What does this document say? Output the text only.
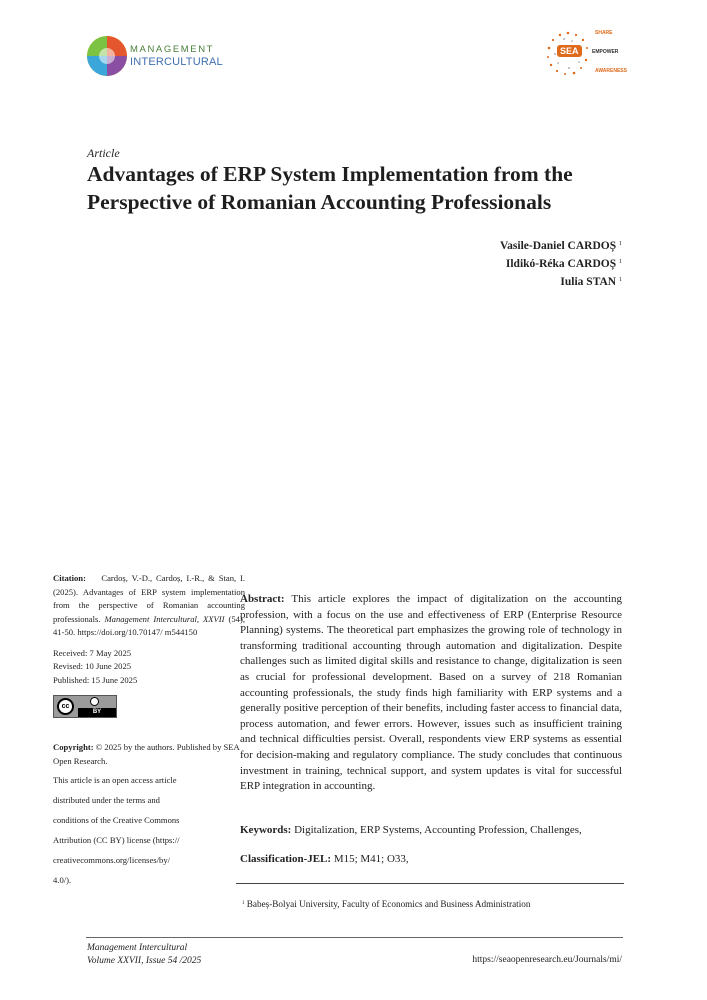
MANAGEMENT
INTERCULTURAL
SEA
SHARE
EMPOWER
AWARENESS
Article
Advantages of ERP System Implementation from the Perspective of Romanian Accounting Professionals
Vasile-Daniel CARDOȘ $^1$
Ildikó-Réka CARDOȘ $^1$
Iulia STAN $^1$

Citation: Cardoș, V.-D., Cardoș, I.-R., & Stan, I. (2025). Advantages of ERP system implementation from the perspective of Romanian accounting professionals. Management Intercultural, XXVII (54), 41-50. https://doi.org/10.70147/ m544150

Received: 7 May 2025
Revised: 10 June 2025
Published: 15 June 2025
cc
BY

Copyright: © 2025 by the authors. Published by SEA Open Research.

This article is an open access article
distributed under the terms and
conditions of the Creative Commons
Attribution (CC BY) license (https://
creativecommons.org/licenses/by/
4.0/).

Abstract: This article explores the impact of digitalization on the accounting profession, with a focus on the use and effectiveness of ERP (Enterprise Resource Planning) systems. The theoretical part emphasizes the growing role of technology in transforming traditional accounting through automation and digitalization. Despite challenges such as limited digital skills and resistance to change, digitalization is seen as crucial for professional development. Based on a survey of 218 Romanian accounting professionals, the study finds high familiarity with ERP systems and a generally positive perception of their benefits, including faster access to financial data, process automation, and fewer errors. However, issues such as insufficient training and technical difficulties persist. Overall, respondents view ERP systems as essential for decision-making and regulatory compliance. The study concludes that continuous investment in training, technical support, and system updates is vital for successful ERP integration in accounting.

Keywords: Digitalization, ERP Systems, Accounting Profession, Challenges,

Classification-JEL: M15; M41; O33,

$^1$ Babeș-Bolyai University, Faculty of Economics and Business Administration
Management Intercultural
Volume XXVII, Issue 54 /2025	https://seaopenresearch.eu/Journals/mi/
